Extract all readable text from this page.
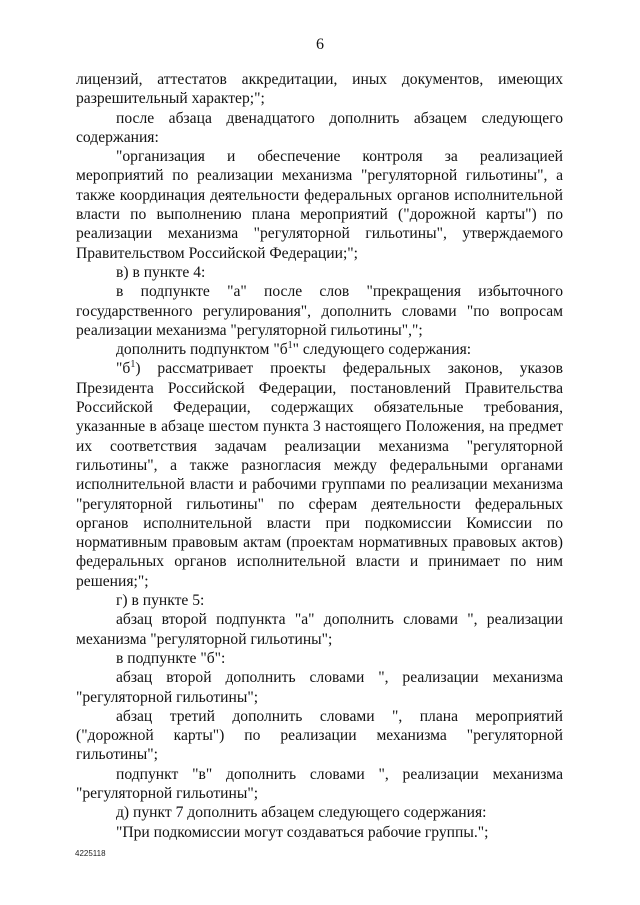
6

лицензий, аттестатов аккредитации, иных документов, имеющих разрешительный характер;";

после абзаца двенадцатого дополнить абзацем следующего содержания:

"организация и обеспечение контроля за реализацией мероприятий по реализации механизма "регуляторной гильотины", а также координация деятельности федеральных органов исполнительной власти по выполнению плана мероприятий ("дорожной карты") по реализации механизма "регуляторной гильотины", утверждаемого Правительством Российской Федерации;";

в) в пункте 4:

в подпункте "а" после слов "прекращения избыточного государственного регулирования", дополнить словами "по вопросам реализации механизма "регуляторной гильотины",";

дополнить подпунктом "$б^1$" следующего содержания:

"$б^1$) рассматривает проекты федеральных законов, указов Президента Российской Федерации, постановлений Правительства Российской Федерации, содержащих обязательные требования, указанные в абзаце шестом пункта 3 настоящего Положения, на предмет их соответствия задачам реализации механизма "регуляторной гильотины", а также разногласия между федеральными органами исполнительной власти и рабочими группами по реализации механизма "регуляторной гильотины" по сферам деятельности федеральных органов исполнительной власти при подкомиссии Комиссии по нормативным правовым актам (проектам нормативных правовых актов) федеральных органов исполнительной власти и принимает по ним решения;";

г) в пункте 5:

абзац второй подпункта "а" дополнить словами ", реализации механизма "регуляторной гильотины";

в подпункте "б":

абзац второй дополнить словами ", реализации механизма "регуляторной гильотины";

абзац третий дополнить словами ", плана мероприятий ("дорожной карты") по реализации механизма "регуляторной гильотины";

подпункт "в" дополнить словами ", реализации механизма "регуляторной гильотины";

д) пункт 7 дополнить абзацем следующего содержания:

"При подкомиссии могут создаваться рабочие группы.";

4225118
